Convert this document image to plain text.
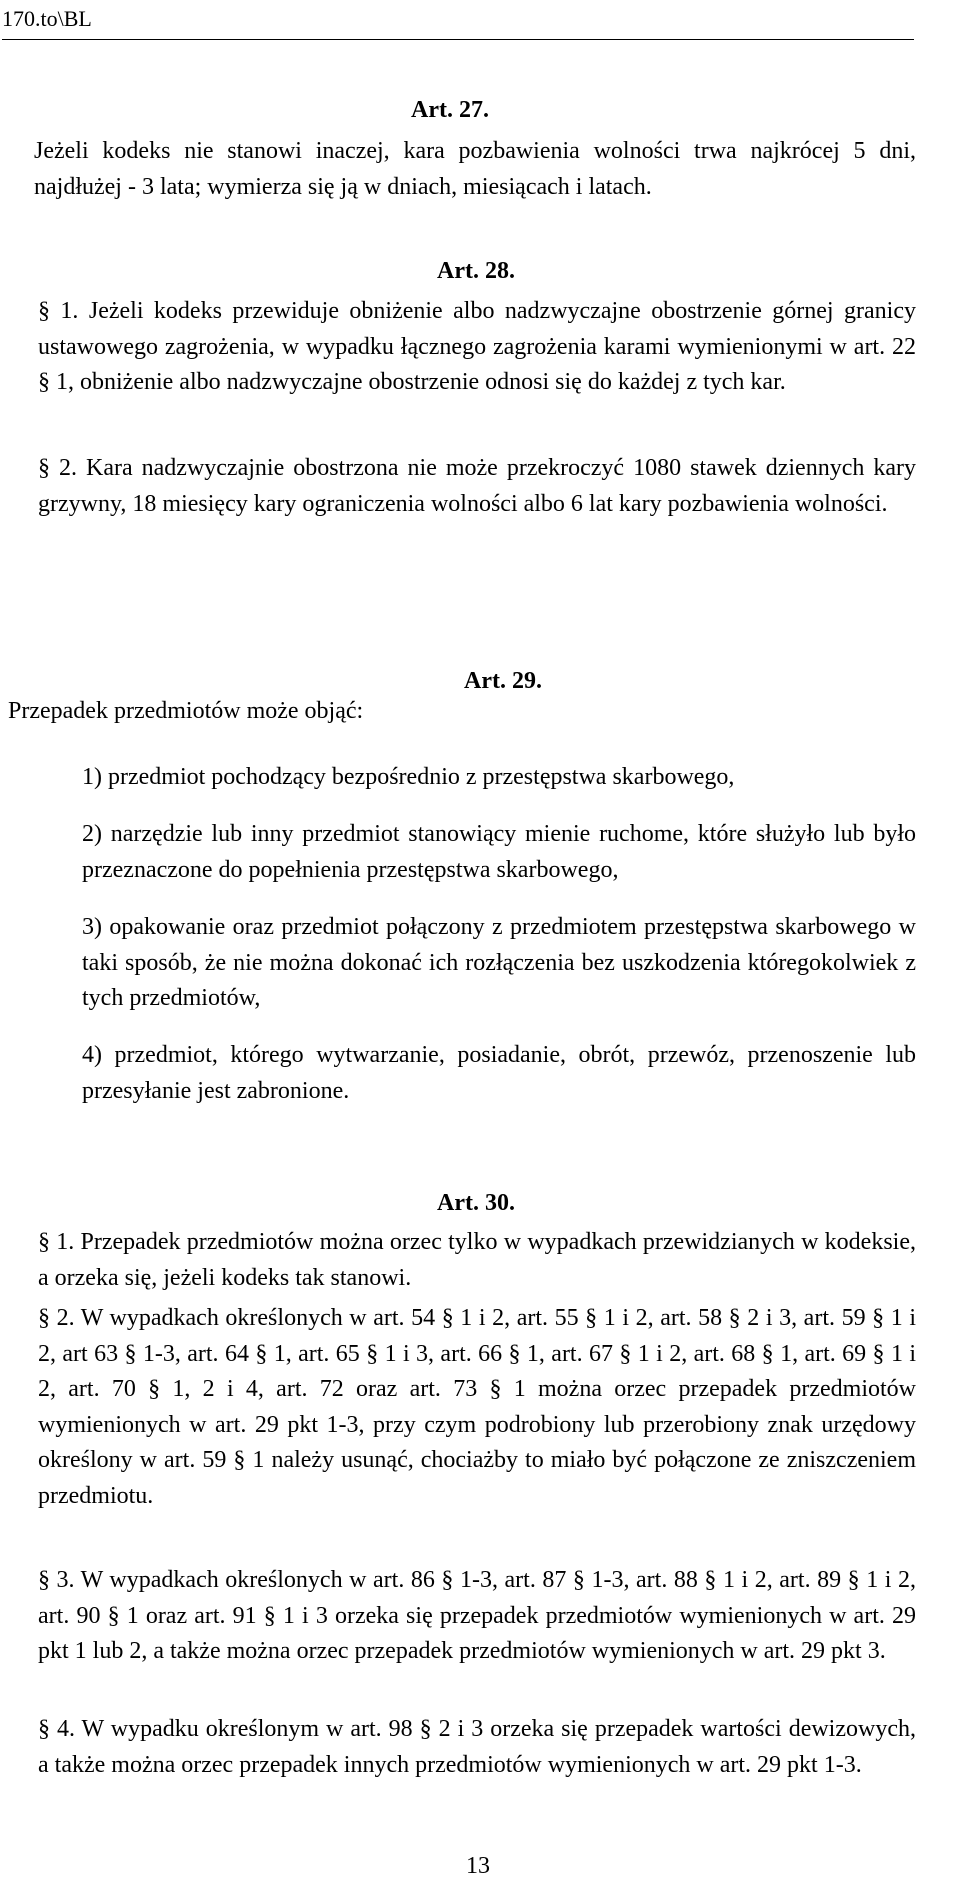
170.to\BL
Art. 27.
Jeżeli kodeks nie stanowi inaczej, kara pozbawienia wolności trwa najkrócej 5 dni, najdłużej - 3 lata; wymierza się ją w dniach, miesiącach i latach.
Art. 28.
§ 1. Jeżeli kodeks przewiduje obniżenie albo nadzwyczajne obostrzenie górnej granicy ustawowego zagrożenia, w wypadku łącznego zagrożenia karami wymienionymi w art. 22 § 1, obniżenie albo nadzwyczajne obostrzenie odnosi się do każdej z tych kar.
§ 2. Kara nadzwyczajnie obostrzona nie może przekroczyć 1080 stawek dziennych kary grzywny, 18 miesięcy kary ograniczenia wolności albo 6 lat kary pozbawienia wolności.
Art. 29.
Przepadek przedmiotów może objąć:
1) przedmiot pochodzący bezpośrednio z przestępstwa skarbowego,
2) narzędzie lub inny przedmiot stanowiący mienie ruchome, które służyło lub było przeznaczone do popełnienia przestępstwa skarbowego,
3) opakowanie oraz przedmiot połączony z przedmiotem przestępstwa skarbowego w taki sposób, że nie można dokonać ich rozłączenia bez uszkodzenia któregokolwiek z tych przedmiotów,
4) przedmiot, którego wytwarzanie, posiadanie, obrót, przewóz, przenoszenie lub przesyłanie jest zabronione.
Art. 30.
§ 1. Przepadek przedmiotów można orzec tylko w wypadkach przewidzianych w kodeksie, a orzeka się, jeżeli kodeks tak stanowi.
§ 2. W wypadkach określonych w art. 54 § 1 i 2, art. 55 § 1 i 2, art. 58 § 2 i 3, art. 59 § 1 i 2, art 63 § 1-3, art. 64 § 1, art. 65 § 1 i 3, art. 66 § 1, art. 67 § 1 i 2, art. 68 § 1, art. 69 § 1 i 2, art. 70 § 1, 2 i 4, art. 72 oraz art. 73 § 1 można orzec przepadek przedmiotów wymienionych w art. 29 pkt 1-3, przy czym podrobiony lub przerobiony znak urzędowy określony w art. 59 § 1 należy usunąć, chociażby to miało być połączone ze zniszczeniem przedmiotu.
§ 3. W wypadkach określonych w art. 86 § 1-3, art. 87 § 1-3, art. 88 § 1 i 2, art. 89 § 1 i 2, art. 90 § 1 oraz art. 91 § 1 i 3 orzeka się przepadek przedmiotów wymienionych w art. 29 pkt 1 lub 2, a także można orzec przepadek przedmiotów wymienionych w art. 29 pkt 3.
§ 4. W wypadku określonym w art. 98 § 2 i 3 orzeka się przepadek wartości dewizowych, a także można orzec przepadek innych przedmiotów wymienionych w art. 29 pkt 1-3.
13
